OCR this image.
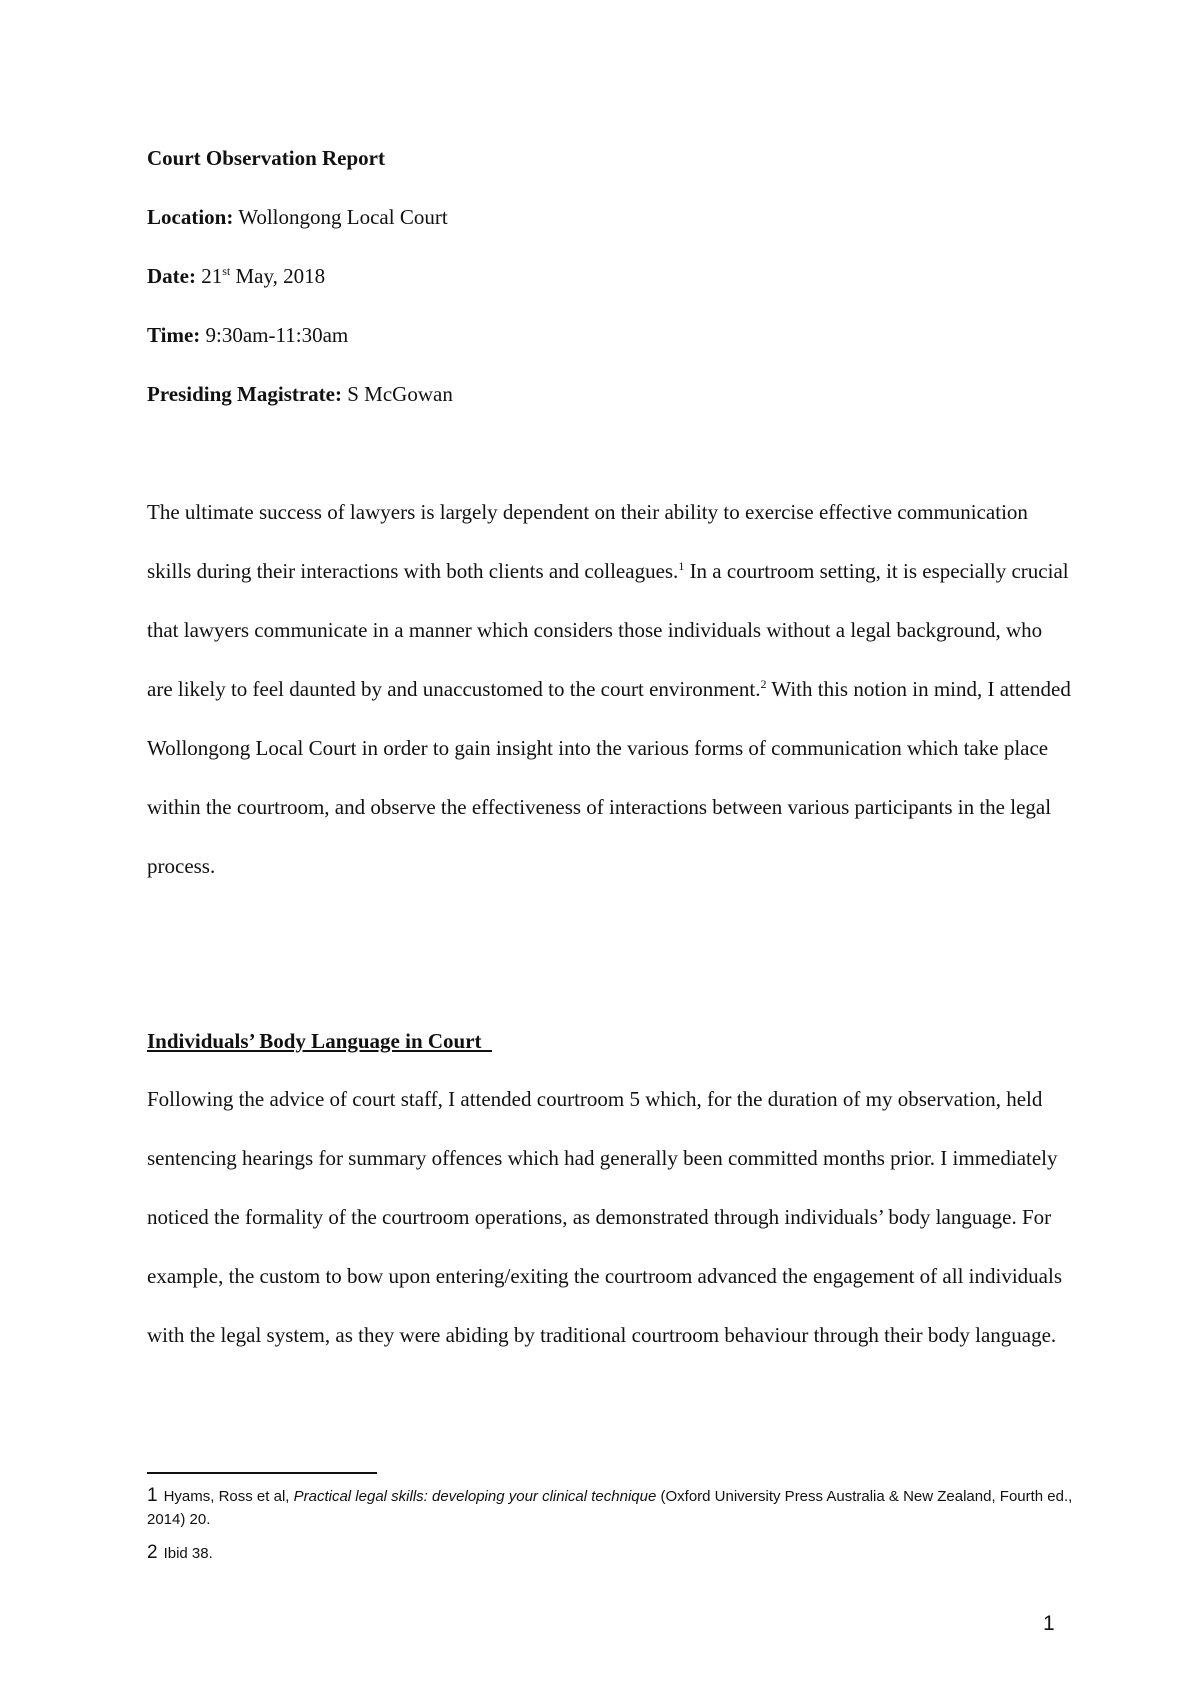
Court Observation Report
Location: Wollongong Local Court
Date: 21st May, 2018
Time: 9:30am-11:30am
Presiding Magistrate: S McGowan

The ultimate success of lawyers is largely dependent on their ability to exercise effective communication skills during their interactions with both clients and colleagues.$^1$ In a courtroom setting, it is especially crucial that lawyers communicate in a manner which considers those individuals without a legal background, who are likely to feel daunted by and unaccustomed to the court environment.$^2$ With this notion in mind, I attended Wollongong Local Court in order to gain insight into the various forms of communication which take place within the courtroom, and observe the effectiveness of interactions between various participants in the legal process.

Individuals’ Body Language in Court

Following the advice of court staff, I attended courtroom 5 which, for the duration of my observation, held sentencing hearings for summary offences which had generally been committed months prior. I immediately noticed the formality of the courtroom operations, as demonstrated through individuals’ body language. For example, the custom to bow upon entering/exiting the courtroom advanced the engagement of all individuals with the legal system, as they were abiding by traditional courtroom behaviour through their body language.

1 Hyams, Ross et al, Practical legal skills: developing your clinical technique (Oxford University Press Australia & New Zealand, Fourth ed., 2014) 20.
2 Ibid 38.
1
